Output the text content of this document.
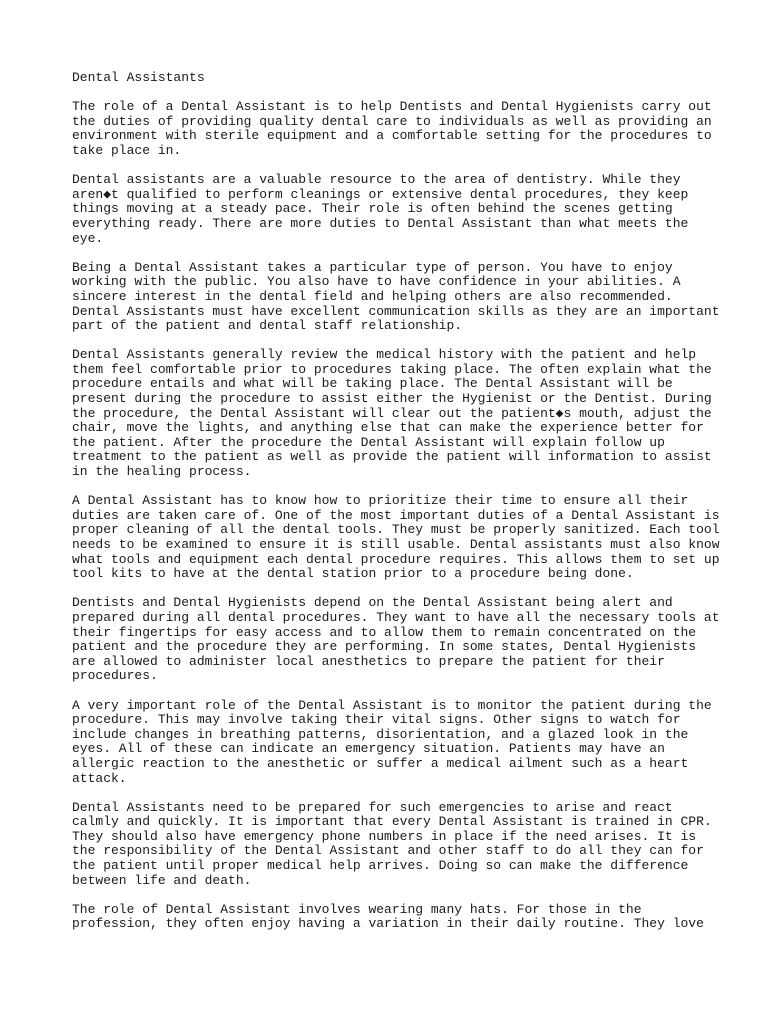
Dental Assistants
The role of a Dental Assistant is to help Dentists and Dental Hygienists carry out
the duties of providing quality dental care to individuals as well as providing an
environment with sterile equipment and a comfortable setting for the procedures to
take place in.
Dental assistants are a valuable resource to the area of dentistry. While they
aren◆t qualified to perform cleanings or extensive dental procedures, they keep
things moving at a steady pace. Their role is often behind the scenes getting
everything ready. There are more duties to Dental Assistant than what meets the
eye.
Being a Dental Assistant takes a particular type of person. You have to enjoy
working with the public. You also have to have confidence in your abilities. A
sincere interest in the dental field and helping others are also recommended.
Dental Assistants must have excellent communication skills as they are an important
part of the patient and dental staff relationship.
Dental Assistants generally review the medical history with the patient and help
them feel comfortable prior to procedures taking place. The often explain what the
procedure entails and what will be taking place. The Dental Assistant will be
present during the procedure to assist either the Hygienist or the Dentist. During
the procedure, the Dental Assistant will clear out the patient◆s mouth, adjust the
chair, move the lights, and anything else that can make the experience better for
the patient. After the procedure the Dental Assistant will explain follow up
treatment to the patient as well as provide the patient will information to assist
in the healing process.
A Dental Assistant has to know how to prioritize their time to ensure all their
duties are taken care of. One of the most important duties of a Dental Assistant is
proper cleaning of all the dental tools. They must be properly sanitized. Each tool
needs to be examined to ensure it is still usable. Dental assistants must also know
what tools and equipment each dental procedure requires. This allows them to set up
tool kits to have at the dental station prior to a procedure being done.
Dentists and Dental Hygienists depend on the Dental Assistant being alert and
prepared during all dental procedures. They want to have all the necessary tools at
their fingertips for easy access and to allow them to remain concentrated on the
patient and the procedure they are performing. In some states, Dental Hygienists
are allowed to administer local anesthetics to prepare the patient for their
procedures.
A very important role of the Dental Assistant is to monitor the patient during the
procedure. This may involve taking their vital signs. Other signs to watch for
include changes in breathing patterns, disorientation, and a glazed look in the
eyes. All of these can indicate an emergency situation. Patients may have an
allergic reaction to the anesthetic or suffer a medical ailment such as a heart
attack.
Dental Assistants need to be prepared for such emergencies to arise and react
calmly and quickly. It is important that every Dental Assistant is trained in CPR.
They should also have emergency phone numbers in place if the need arises. It is
the responsibility of the Dental Assistant and other staff to do all they can for
the patient until proper medical help arrives. Doing so can make the difference
between life and death.
The role of Dental Assistant involves wearing many hats. For those in the
profession, they often enjoy having a variation in their daily routine. They love
